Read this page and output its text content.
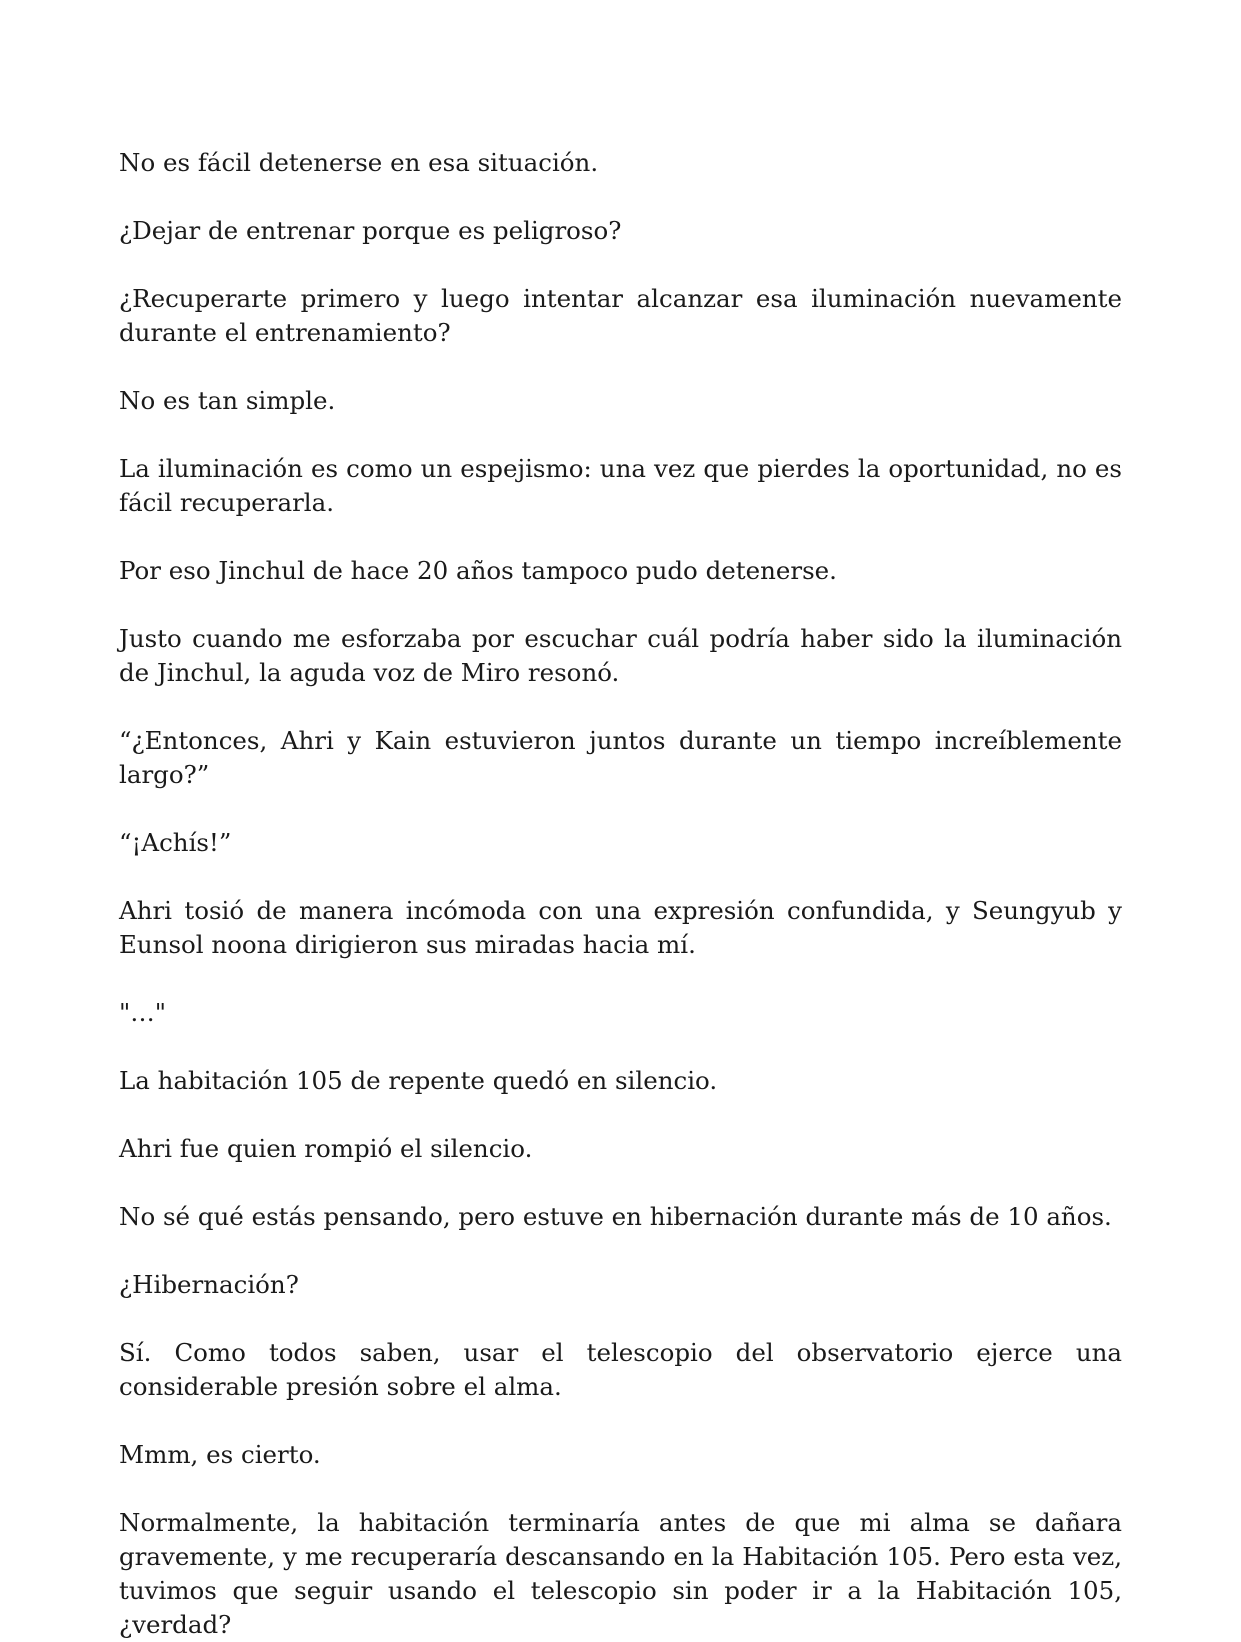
No es fácil detenerse en esa situación.

¿Dejar de entrenar porque es peligroso?

¿Recuperarte primero y luego intentar alcanzar esa iluminación nuevamente durante el entrenamiento?

No es tan simple.

La iluminación es como un espejismo: una vez que pierdes la oportunidad, no es fácil recuperarla.

Por eso Jinchul de hace 20 años tampoco pudo detenerse.

Justo cuando me esforzaba por escuchar cuál podría haber sido la iluminación de Jinchul, la aguda voz de Miro resonó.

“¿Entonces, Ahri y Kain estuvieron juntos durante un tiempo increíblemente largo?”

“¡Achís!”

Ahri tosió de manera incómoda con una expresión confundida, y Seungyub y Eunsol noona dirigieron sus miradas hacia mí.

"…"

La habitación 105 de repente quedó en silencio.

Ahri fue quien rompió el silencio.

No sé qué estás pensando, pero estuve en hibernación durante más de 10 años.

¿Hibernación?

Sí. Como todos saben, usar el telescopio del observatorio ejerce una considerable presión sobre el alma.

Mmm, es cierto.

Normalmente, la habitación terminaría antes de que mi alma se dañara gravemente, y me recuperaría descansando en la Habitación 105. Pero esta vez, tuvimos que seguir usando el telescopio sin poder ir a la Habitación 105, ¿verdad?
